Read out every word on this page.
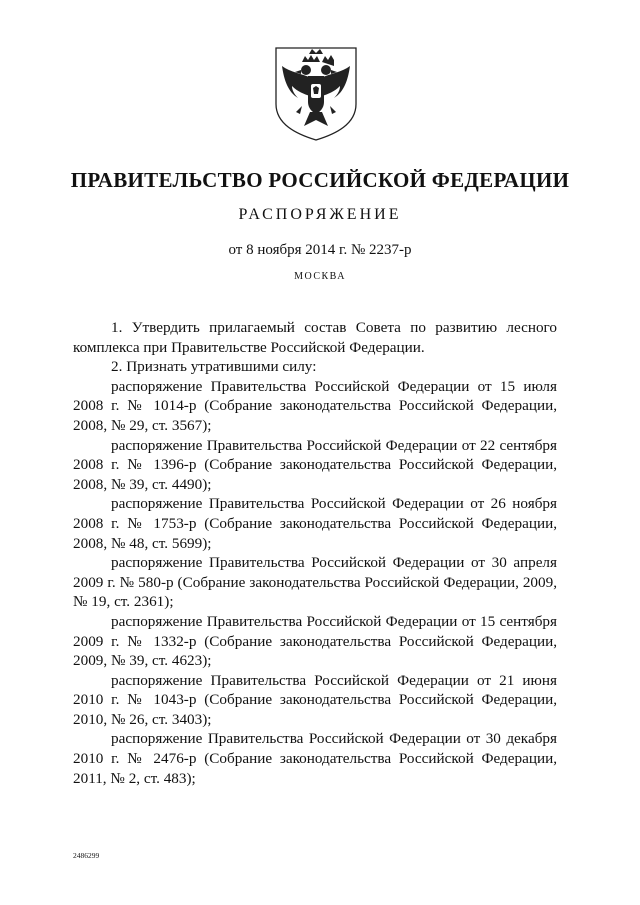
ПРАВИТЕЛЬСТВО РОССИЙСКОЙ ФЕДЕРАЦИИ
РАСПОРЯЖЕНИЕ
от 8 ноября 2014 г. № 2237-р
МОСКВА

1. Утвердить прилагаемый состав Совета по развитию лесного комплекса при Правительстве Российской Федерации.

2. Признать утратившими силу:

распоряжение Правительства Российской Федерации от 15 июля 2008 г. № 1014-р (Собрание законодательства Российской Федерации, 2008, № 29, ст. 3567);

распоряжение Правительства Российской Федерации от 22 сентября 2008 г. № 1396-р (Собрание законодательства Российской Федерации, 2008, № 39, ст. 4490);

распоряжение Правительства Российской Федерации от 26 ноября 2008 г. № 1753-р (Собрание законодательства Российской Федерации, 2008, № 48, ст. 5699);

распоряжение Правительства Российской Федерации от 30 апреля 2009 г. № 580-р (Собрание законодательства Российской Федерации, 2009, № 19, ст. 2361);

распоряжение Правительства Российской Федерации от 15 сентября 2009 г. № 1332-р (Собрание законодательства Российской Федерации, 2009, № 39, ст. 4623);

распоряжение Правительства Российской Федерации от 21 июня 2010 г. № 1043-р (Собрание законодательства Российской Федерации, 2010, № 26, ст. 3403);

распоряжение Правительства Российской Федерации от 30 декабря 2010 г. № 2476-р (Собрание законодательства Российской Федерации, 2011, № 2, ст. 483);

2486299
